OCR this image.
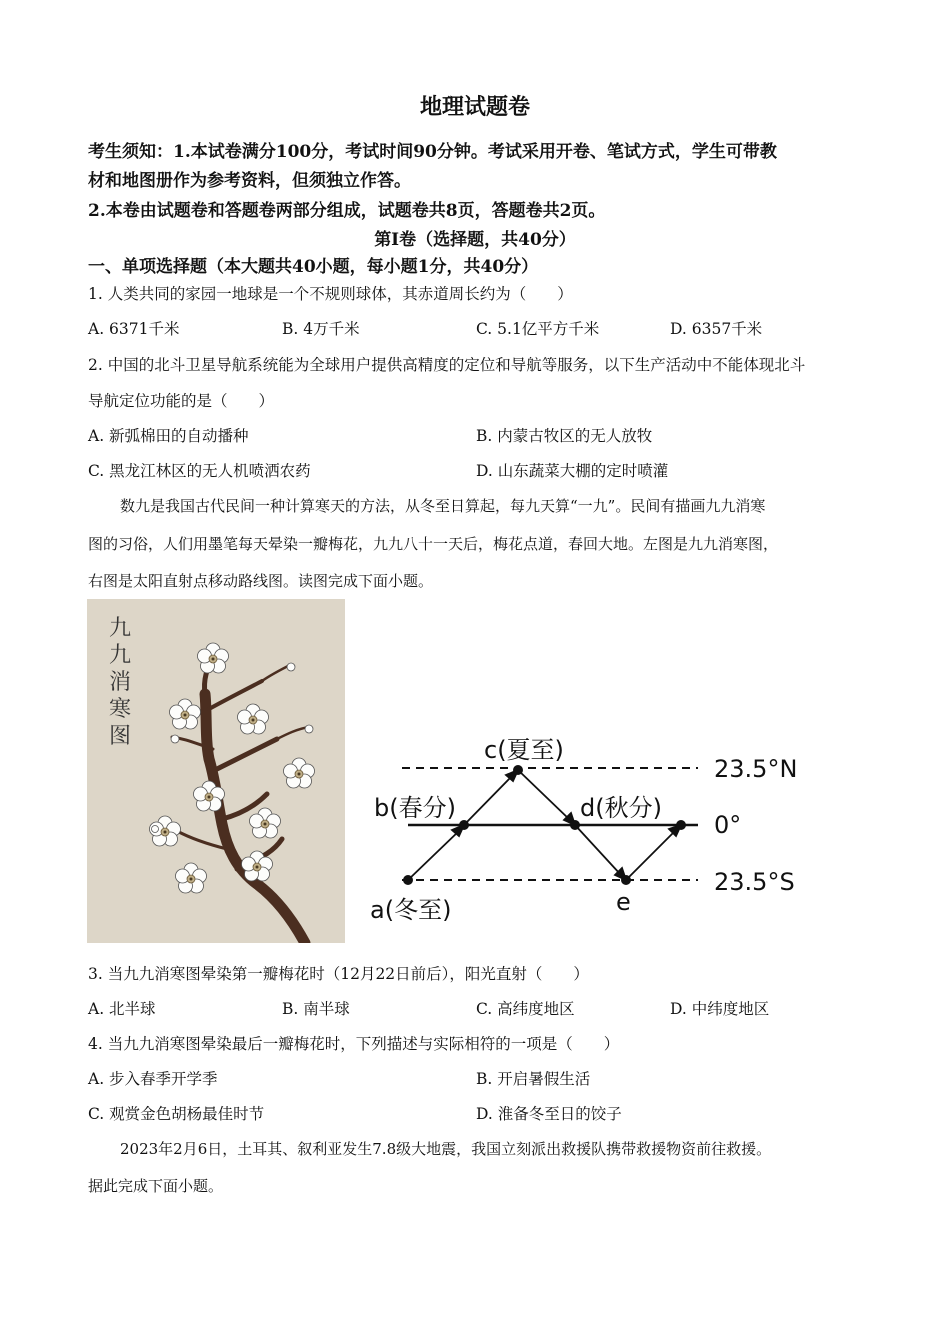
地理试题卷
考生须知：1.本试卷满分100分，考试时间90分钟。考试采用开卷、笔试方式，学生可带教
材和地图册作为参考资料，但须独立作答。
2.本卷由试题卷和答题卷两部分组成，试题卷共8页，答题卷共2页。
第Ⅰ卷（选择题，共40分）
一、单项选择题（本大题共40小题，每小题1分，共40分）
1. 人类共同的家园一地球是一个不规则球体，其赤道周长约为（　　）
A. 6371千米	B. 4万千米	C. 5.1亿平方千米	D. 6357千米
2. 中国的北斗卫星导航系统能为全球用户提供高精度的定位和导航等服务，以下生产活动中不能体现北斗
导航定位功能的是（　　）
A. 新弧棉田的自动播种	B. 内蒙古牧区的无人放牧
C. 黑龙江林区的无人机喷洒农药	D. 山东蔬菜大棚的定时喷灌
数九是我国古代民间一种计算寒天的方法，从冬至日算起，每九天算“一九”。民间有描画九九消寒
图的习俗，人们用墨笔每天晕染一瓣梅花，九九八十一天后，梅花点道，春回大地。左图是九九消寒图，
右图是太阳直射点移动路线图。读图完成下面小题。
九九消寒图	c(夏至)
b(春分)	d(秋分)
a(冬至)	e
23.5°N
0°
23.5°S
3. 当九九消寒图晕染第一瓣梅花时（12月22日前后），阳光直射（　　）
A. 北半球	B. 南半球	C. 高纬度地区	D. 中纬度地区
4. 当九九消寒图晕染最后一瓣梅花时，下列描述与实际相符的一项是（　　）
A. 步入春季开学季	B. 开启暑假生活
C. 观赏金色胡杨最佳时节	D. 淮备冬至日的饺子
2023年2月6日，土耳其、叙利亚发生7.8级大地震，我国立刻派出救援队携带救援物资前往救援。
据此完成下面小题。
